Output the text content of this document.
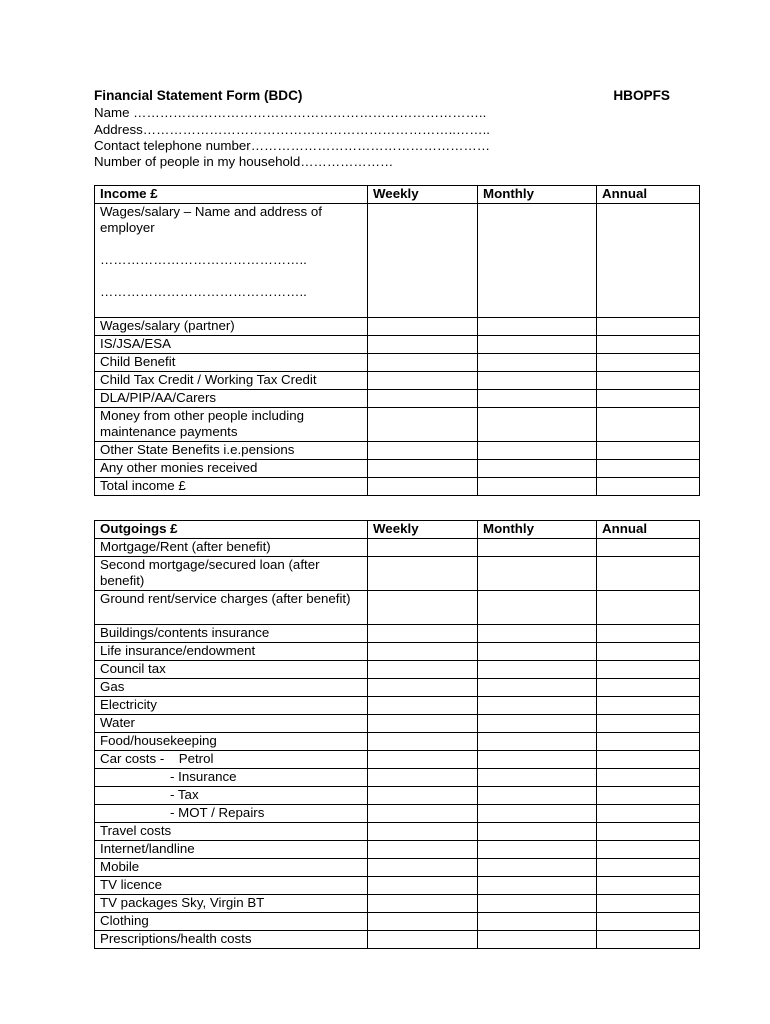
Financial Statement Form (BDC)	HBOPFS
Name ……………………………………………………………………..
Address……………………………………………………………..……..
Contact telephone number………………………………………………
Number of people in my household…………………
Income £	Weekly	Monthly	Annual
Wages/salary – Name and address of employer
………………………………………..
………………………………………..			

Wages/salary (partner)			
IS/JSA/ESA			
Child Benefit			
Child Tax Credit / Working Tax Credit			
DLA/PIP/AA/Carers			
Money from other people including maintenance payments			
Other State Benefits i.e.pensions			
Any other monies received			
Total income £			
Outgoings £	Weekly	Monthly	Annual
Mortgage/Rent (after benefit)			
Second mortgage/secured loan (after benefit)			
Ground rent/service charges (after benefit)			
Buildings/contents insurance			
Life insurance/endowment			
Council tax			
Gas			
Electricity			
Water			
Food/housekeeping			
Car costs - Petrol			
- Insurance			
- Tax			
- MOT / Repairs			
Travel costs			
Internet/landline			
Mobile			
TV licence			
TV packages Sky, Virgin BT			
Clothing			
Prescriptions/health costs			
